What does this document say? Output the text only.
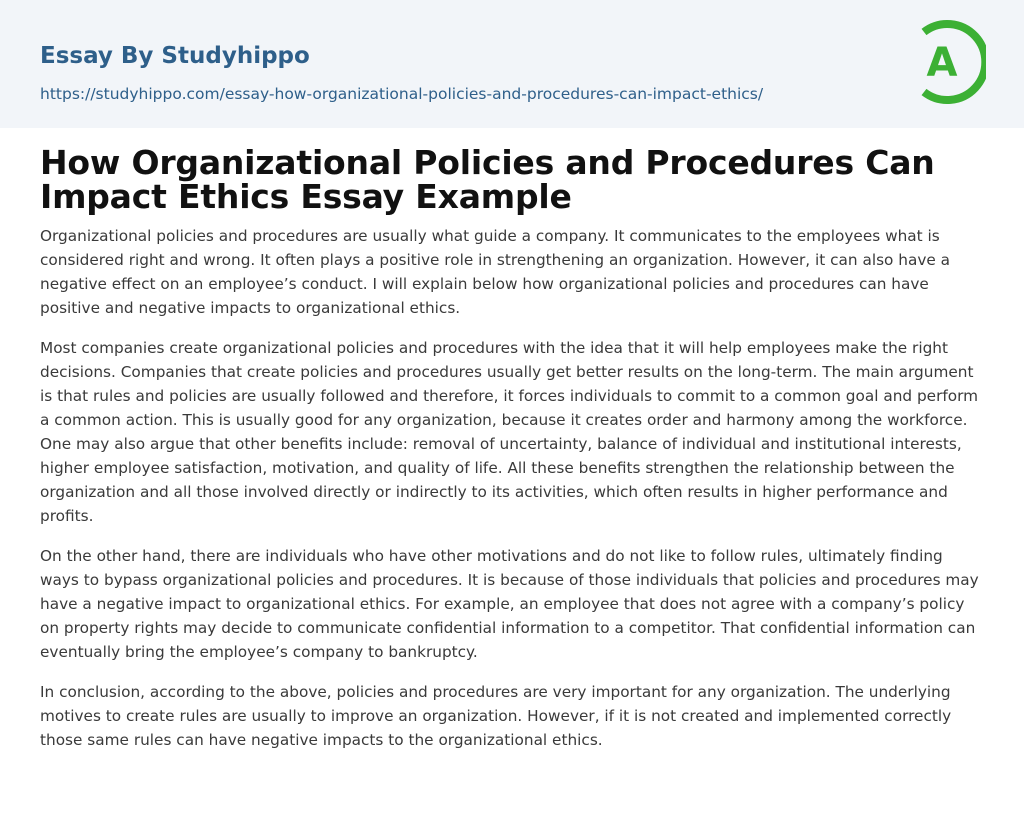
Essay By Studyhippo
https://studyhippo.com/essay-how-organizational-policies-and-procedures-can-impact-ethics/
A
How Organizational Policies and Procedures Can Impact Ethics Essay Example

Organizational policies and procedures are usually what guide a company. It communicates to the employees what is considered right and wrong. It often plays a positive role in strengthening an organization. However, it can also have a negative effect on an employee’s conduct. I will explain below how organizational policies and procedures can have positive and negative impacts to organizational ethics.

Most companies create organizational policies and procedures with the idea that it will help employees make the right decisions. Companies that create policies and procedures usually get better results on the long-term. The main argument is that rules and policies are usually followed and therefore, it forces individuals to commit to a common goal and perform a common action. This is usually good for any organization, because it creates order and harmony among the workforce. One may also argue that other benefits include: removal of uncertainty, balance of individual and institutional interests, higher employee satisfaction, motivation, and quality of life. All these benefits strengthen the relationship between the organization and all those involved directly or indirectly to its activities, which often results in higher performance and profits.

On the other hand, there are individuals who have other motivations and do not like to follow rules, ultimately finding ways to bypass organizational policies and procedures. It is because of those individuals that policies and procedures may have a negative impact to organizational ethics. For example, an employee that does not agree with a company’s policy on property rights may decide to communicate confidential information to a competitor. That confidential information can eventually bring the employee’s company to bankruptcy.

In conclusion, according to the above, policies and procedures are very important for any organization. The underlying motives to create rules are usually to improve an organization. However, if it is not created and implemented correctly those same rules can have negative impacts to the organizational ethics.
